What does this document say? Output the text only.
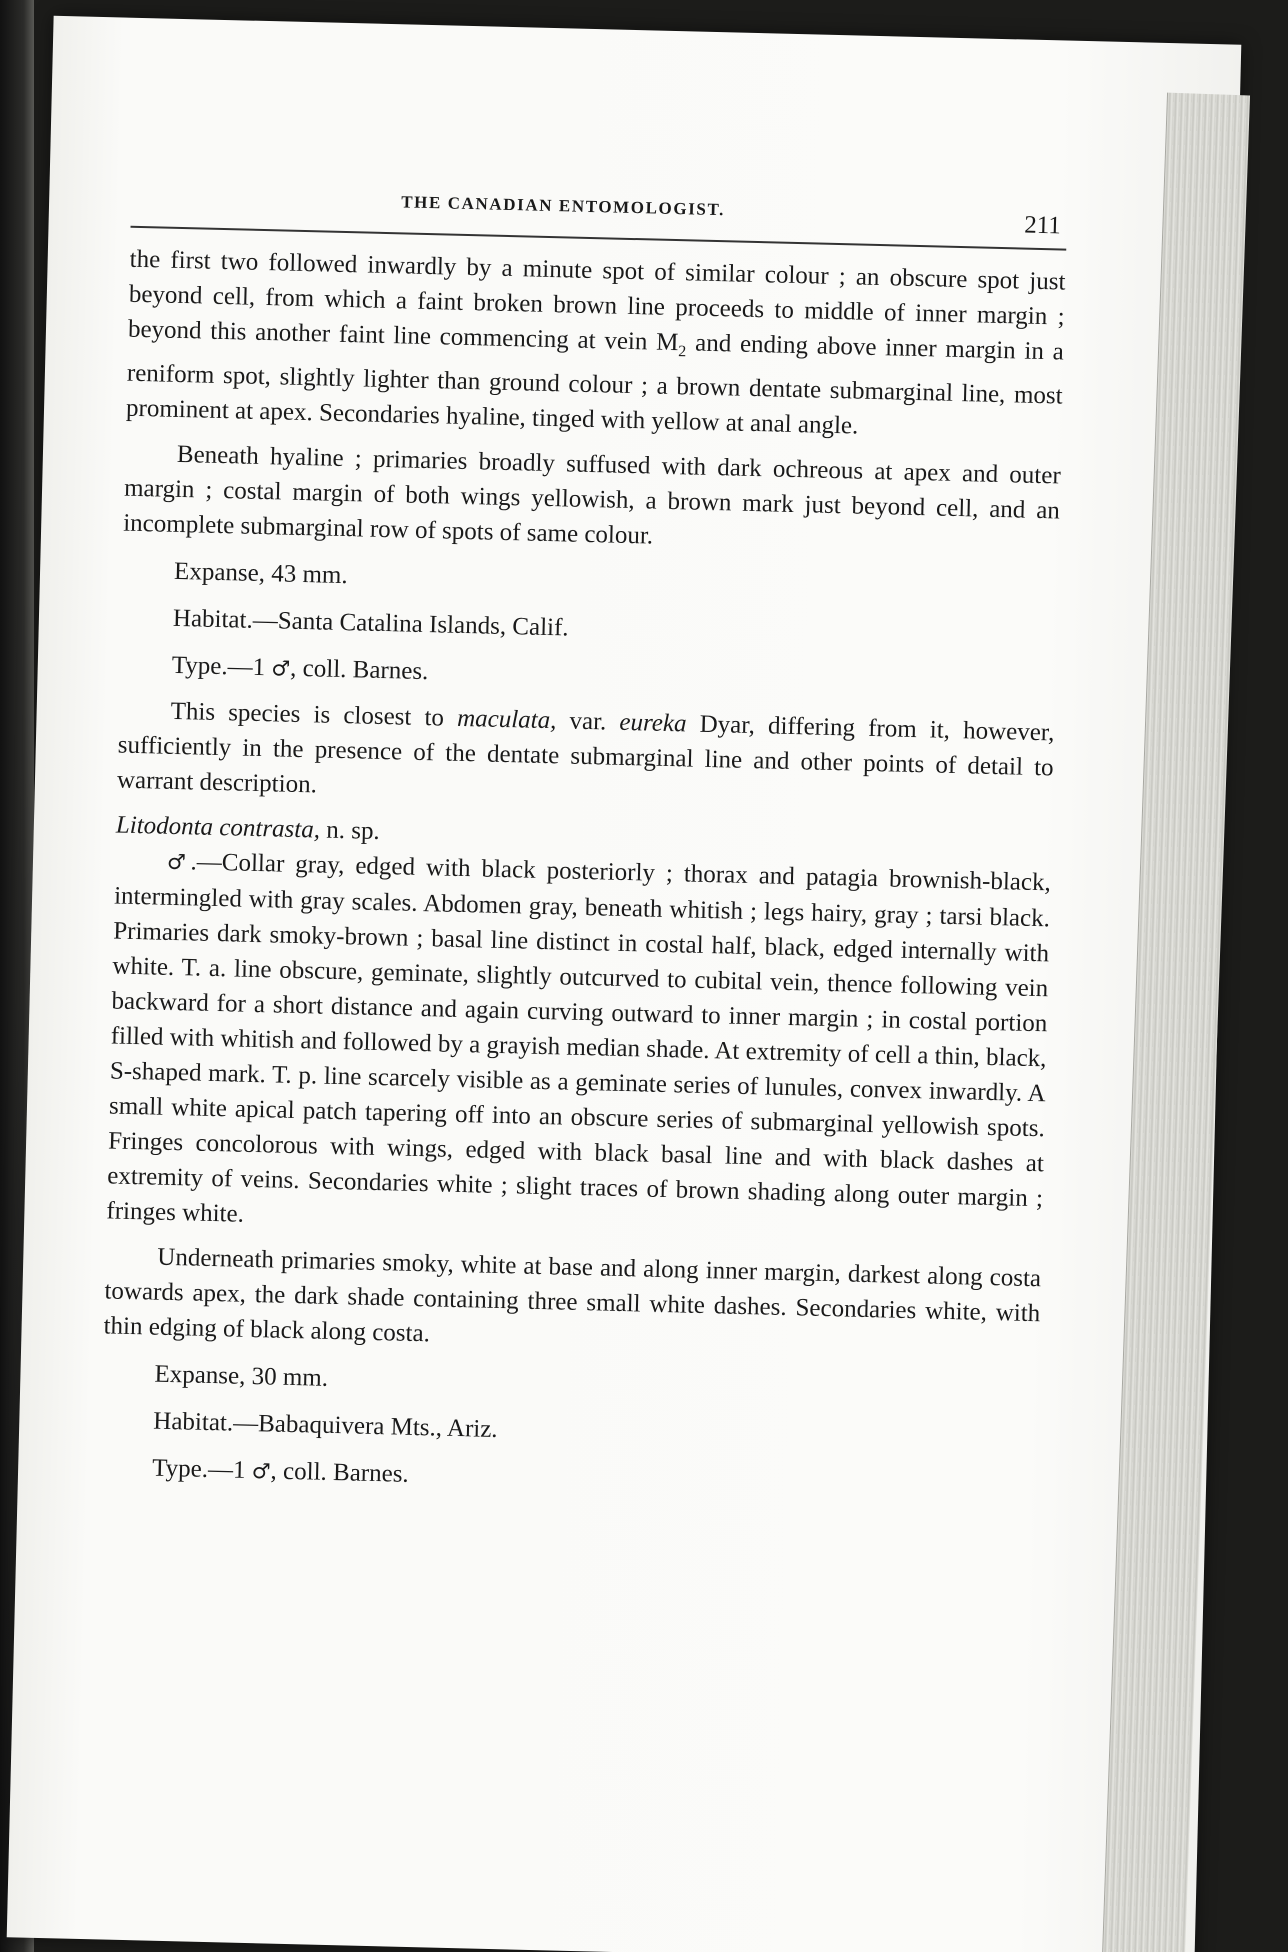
THE CANADIAN ENTOMOLOGIST.
211

the first two followed inwardly by a minute spot of similar colour ; an obscure spot just beyond cell, from which a faint broken brown line proceeds to middle of inner margin ; beyond this another faint line commencing at vein $M_2$ and ending above inner margin in a reniform spot, slightly lighter than ground colour ; a brown dentate submarginal line, most prominent at apex. Secondaries hyaline, tinged with yellow at anal angle.

Beneath hyaline ; primaries broadly suffused with dark ochreous at apex and outer margin ; costal margin of both wings yellowish, a brown mark just beyond cell, and an incomplete submarginal row of spots of same colour.

Expanse, 43 mm.

Habitat.—Santa Catalina Islands, Calif.

Type.—1 ♂, coll. Barnes.

This species is closest to maculata, var. eureka Dyar, differing from it, however, sufficiently in the presence of the dentate submarginal line and other points of detail to warrant description.

Litodonta contrasta, n. sp.

♂.—Collar gray, edged with black posteriorly ; thorax and patagia brownish-black, intermingled with gray scales. Abdomen gray, beneath whitish ; legs hairy, gray ; tarsi black. Primaries dark smoky-brown ; basal line distinct in costal half, black, edged internally with white. T. a. line obscure, geminate, slightly outcurved to cubital vein, thence following vein backward for a short distance and again curving outward to inner margin ; in costal portion filled with whitish and followed by a grayish median shade. At extremity of cell a thin, black, S-shaped mark. T. p. line scarcely visible as a geminate series of lunules, convex inwardly. A small white apical patch tapering off into an obscure series of submarginal yellowish spots. Fringes concolorous with wings, edged with black basal line and with black dashes at extremity of veins. Secondaries white ; slight traces of brown shading along outer margin ; fringes white.

Underneath primaries smoky, white at base and along inner margin, darkest along costa towards apex, the dark shade containing three small white dashes. Secondaries white, with thin edging of black along costa.

Expanse, 30 mm.

Habitat.—Babaquivera Mts., Ariz.

Type.—1 ♂, coll. Barnes.
